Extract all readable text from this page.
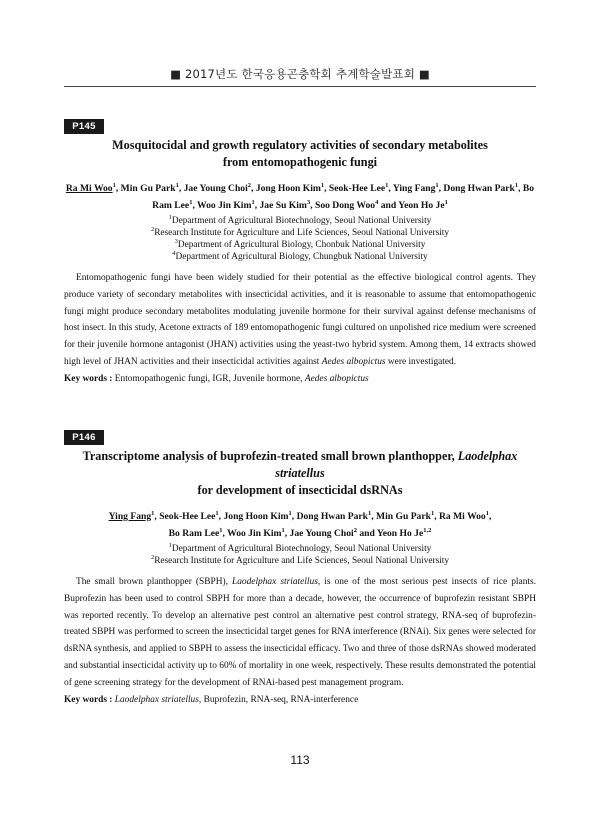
■ 2017년도 한국응용곤충학회 추계학술발표회 ■
P145

Mosquitocidal and growth regulatory activities of secondary metabolites
from entomopathogenic fungi

Ra Mi Woo$^1$, Min Gu Park$^1$, Jae Young Choi$^2$, Jong Hoon Kim$^1$, Seok-Hee Lee$^1$, Ying Fang$^1$, Dong Hwan Park$^1$, Bo
Ram Lee$^1$, Woo Jin Kim$^1$, Jae Su Kim$^3$, Soo Dong Woo$^4$ and Yeon Ho Je$^1$

$^1$Department of Agricultural Biotechnology, Seoul National University
$^2$Research Institute for Agriculture and Life Sciences, Seoul National University
$^3$Department of Agricultural Biology, Chonbuk National University
$^4$Department of Agricultural Biology, Chungbuk National University

Entomopathogenic fungi have been widely studied for their potential as the effective biological control agents. They produce variety of secondary metabolites with insecticidal activities, and it is reasonable to assume that entomopathogenic fungi might produce secondary metabolites modulating juvenile hormone for their survival against defense mechanisms of host insect. In this study, Acetone extracts of 189 entomopathogenic fungi cultured on unpolished rice medium were screened for their juvenile hormone antagonist (JHAN) activities using the yeast-two hybrid system. Among them, 14 extracts showed high level of JHAN activities and their insecticidal activities against Aedes albopictus were investigated.

Key words : Entomopathogenic fungi, IGR, Juvenile hormone, Aedes albopictus

P146

Transcriptome analysis of buprofezin-treated small brown planthopper, Laodelphax striatellus
for development of insecticidal dsRNAs

Ying Fang$^1$, Seok-Hee Lee$^1$, Jong Hoon Kim$^1$, Dong Hwan Park$^1$, Min Gu Park$^1$, Ra Mi Woo$^1$,
Bo Ram Lee$^1$, Woo Jin Kim$^1$, Jae Young Choi$^2$ and Yeon Ho Je$^{1,2}$

$^1$Department of Agricultural Biotechnology, Seoul National University
$^2$Research Institute for Agriculture and Life Sciences, Seoul National University

The small brown planthopper (SBPH), Laodelphax striatellus, is one of the most serious pest insects of rice plants. Buprofezin has been used to control SBPH for more than a decade, however, the occurrence of buprofezin resistant SBPH was reported recently. To develop an alternative pest control an alternative pest control strategy, RNA-seq of buprofezin-treated SBPH was performed to screen the insecticidal target genes for RNA interference (RNAi). Six genes were selected for dsRNA synthesis, and applied to SBPH to assess the insecticidal efficacy. Two and three of those dsRNAs showed moderated and substantial insecticidal activity up to 60% of mortality in one week, respectively. These results demonstrated the potential of gene screening strategy for the development of RNAi-based pest management program.

Key words : Laodelphax striatellus, Buprofezin, RNA-seq, RNA-interference

113
